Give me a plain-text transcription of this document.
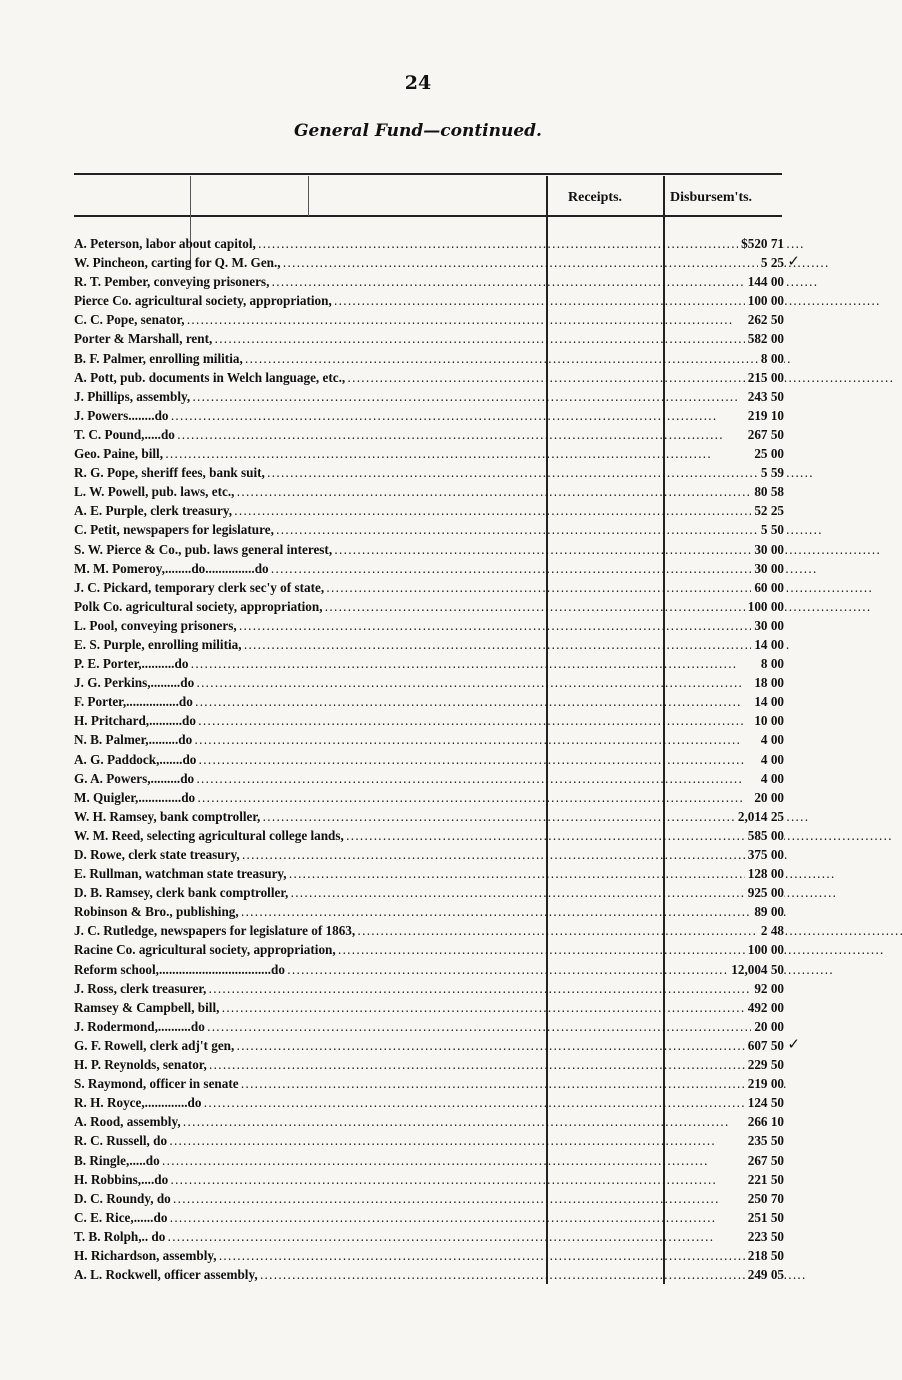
24
General Fund—continued.
Receipts.	Disbursem'ts.
A. Peterson, labor about capitol, . . .	$520 71
W. Pincheon, carting for Q. M. Gen., . . .	5 25 ✓
R. T. Pember, conveying prisoners, . . .	144 00
Pierce Co. agricultural society, appropriation, . . .	100 00
C. C. Pope, senator, . . .	262 50
Porter & Marshall, rent, . . .	582 00
B. F. Palmer, enrolling militia, . . .	8 00
A. Pott, pub. documents in Welch language, etc., . . .	215 00
J. Phillips, assembly, . . .	243 50
J. Powers........do . . .	219 10
T. C. Pound,.....do . . .	267 50
Geo. Paine, bill, . . .	25 00
R. G. Pope, sheriff fees, bank suit, . . .	5 59
L. W. Powell, pub. laws, etc., . . .	80 58
A. E. Purple, clerk treasury, . . .	52 25
C. Petit, newspapers for legislature, . . .	5 50
S. W. Pierce & Co., pub. laws general interest, . . .	30 00
M. M. Pomeroy,........do...............do . . .	30 00
J. C. Pickard, temporary clerk sec'y of state, . . .	60 00
Polk Co. agricultural society, appropriation, . . .	100 00
L. Pool, conveying prisoners, . . .	30 00
E. S. Purple, enrolling militia, . . .	14 00
P. E. Porter,..........do . . .	8 00
J. G. Perkins,.........do . . .	18 00
F. Porter,................do . . .	14 00
H. Pritchard,..........do . . .	10 00
N. B. Palmer,.........do . . .	4 00
A. G. Paddock,.......do . . .	4 00
G. A. Powers,.........do . . .	4 00
M. Quigler,.............do . . .	20 00
W. H. Ramsey, bank comptroller, . . .	2,014 25
W. M. Reed, selecting agricultural college lands, . . .	585 00
D. Rowe, clerk state treasury, . . .	375 00
E. Rullman, watchman state treasury, . . .	128 00
D. B. Ramsey, clerk bank comptroller, . . .	925 00
Robinson & Bro., publishing, . . .	89 00
J. C. Rutledge, newspapers for legislature of 1863, . . .	2 48
Racine Co. agricultural society, appropriation, . . .	100 00
Reform school,..................................do . . .	12,004 50
J. Ross, clerk treasurer, . . .	92 00
Ramsey & Campbell, bill, . . .	492 00
J. Rodermond,..........do . . .	20 00
G. F. Rowell, clerk adj't gen, . . .	607 50 ✓
H. P. Reynolds, senator, . . .	229 50
S. Raymond, officer in senate . . .	219 00
R. H. Royce,.............do . . .	124 50
A. Rood, assembly, . . .	266 10
R. C. Russell, do . . .	235 50
B. Ringle,.....do . . .	267 50
H. Robbins,....do . . .	221 50
D. C. Roundy, do . . .	250 70
C. E. Rice,......do . . .	251 50
T. B. Rolph,.. do . . .	223 50
H. Richardson, assembly, . . .	218 50
A. L. Rockwell, officer assembly, . . .	249 05
